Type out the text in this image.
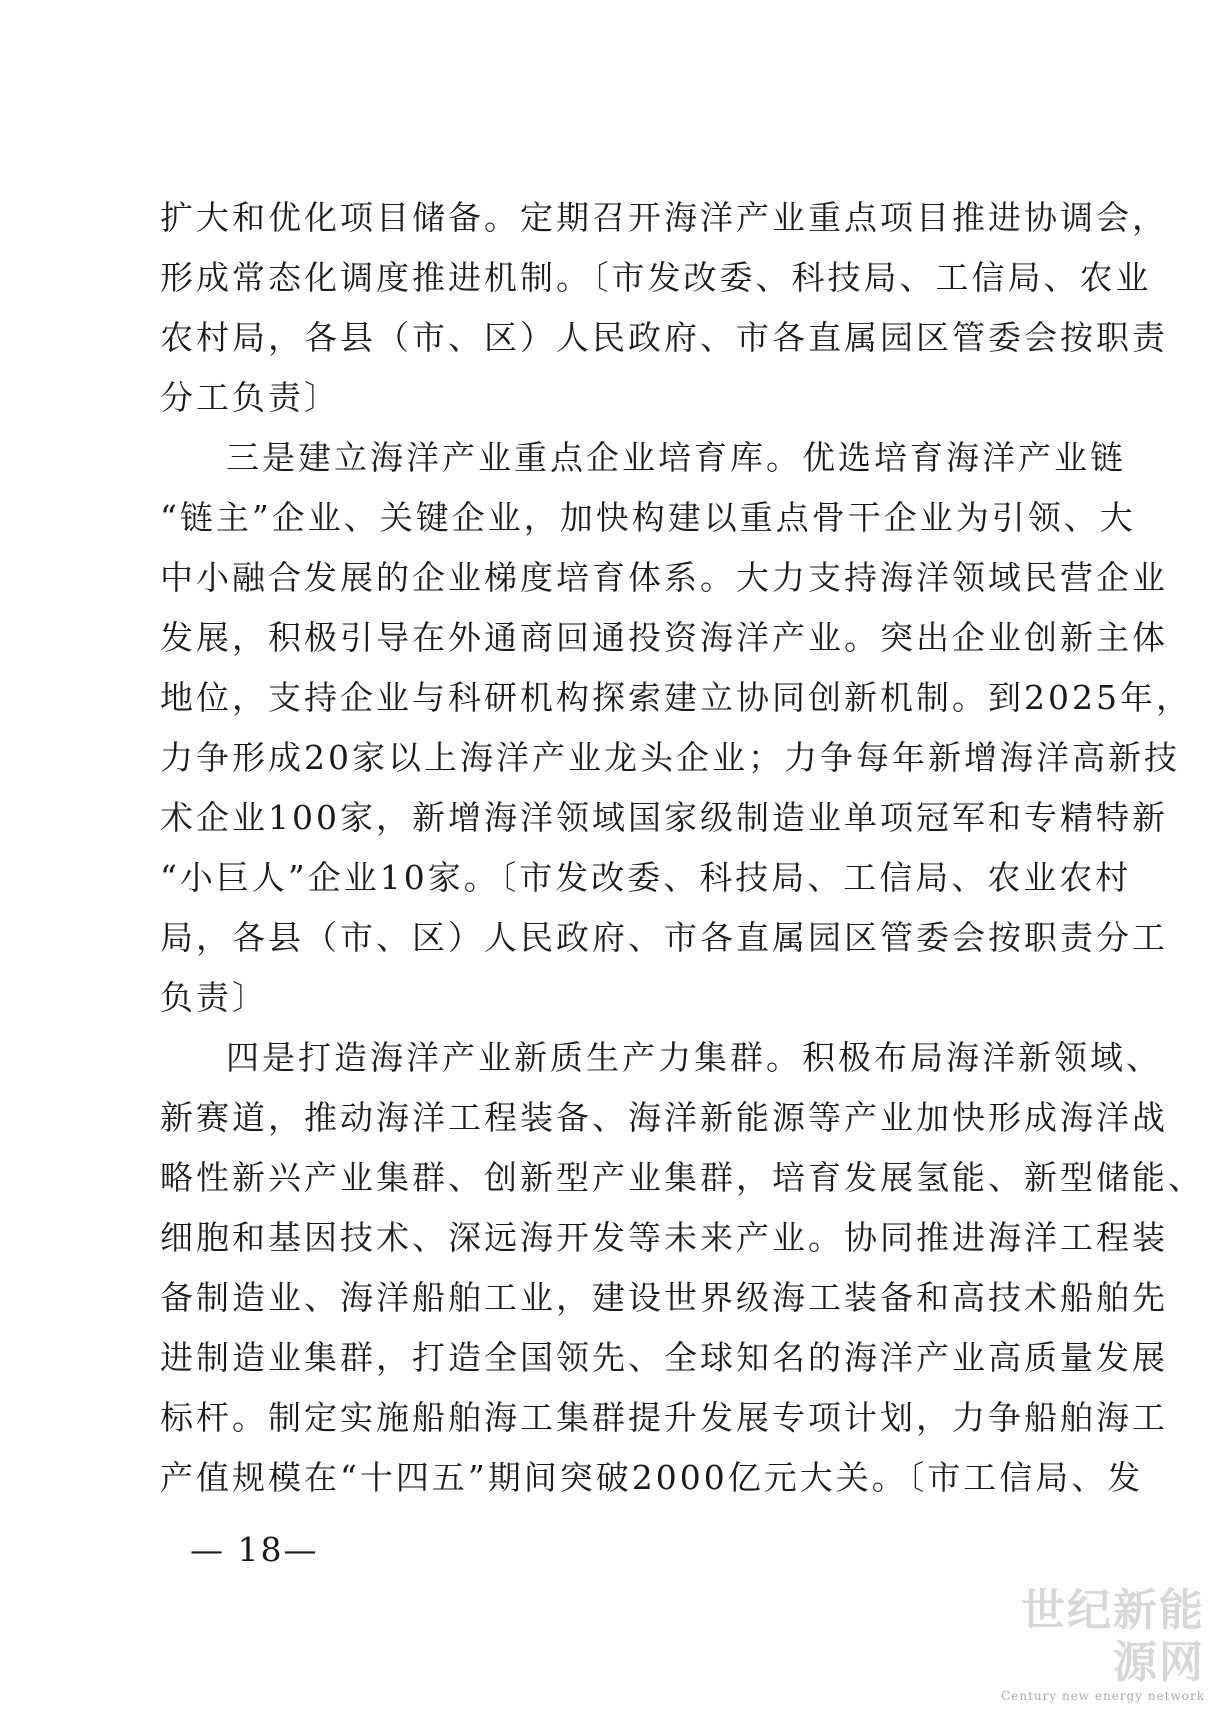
扩大和优化项目储备。定期召开海洋产业重点项目推进协调会，
形成常态化调度推进机制。〔市发改委、科技局、工信局、农业
农村局，各县（市、区）人民政府、市各直属园区管委会按职责
分工负责〕
三是建立海洋产业重点企业培育库。优选培育海洋产业链
“链主”企业、关键企业，加快构建以重点骨干企业为引领、大
中小融合发展的企业梯度培育体系。大力支持海洋领域民营企业
发展，积极引导在外通商回通投资海洋产业。突出企业创新主体
地位，支持企业与科研机构探索建立协同创新机制。到2025年，
力争形成20家以上海洋产业龙头企业；力争每年新增海洋高新技
术企业100家，新增海洋领域国家级制造业单项冠军和专精特新
“小巨人”企业10家。〔市发改委、科技局、工信局、农业农村
局，各县（市、区）人民政府、市各直属园区管委会按职责分工
负责〕
四是打造海洋产业新质生产力集群。积极布局海洋新领域、
新赛道，推动海洋工程装备、海洋新能源等产业加快形成海洋战
略性新兴产业集群、创新型产业集群，培育发展氢能、新型储能、
细胞和基因技术、深远海开发等未来产业。协同推进海洋工程装
备制造业、海洋船舶工业，建设世界级海工装备和高技术船舶先
进制造业集群，打造全国领先、全球知名的海洋产业高质量发展
标杆。制定实施船舶海工集群提升发展专项计划，力争船舶海工
产值规模在“十四五”期间突破2000亿元大关。〔市工信局、发
— 18—
世纪新能源网
Century new energy network
